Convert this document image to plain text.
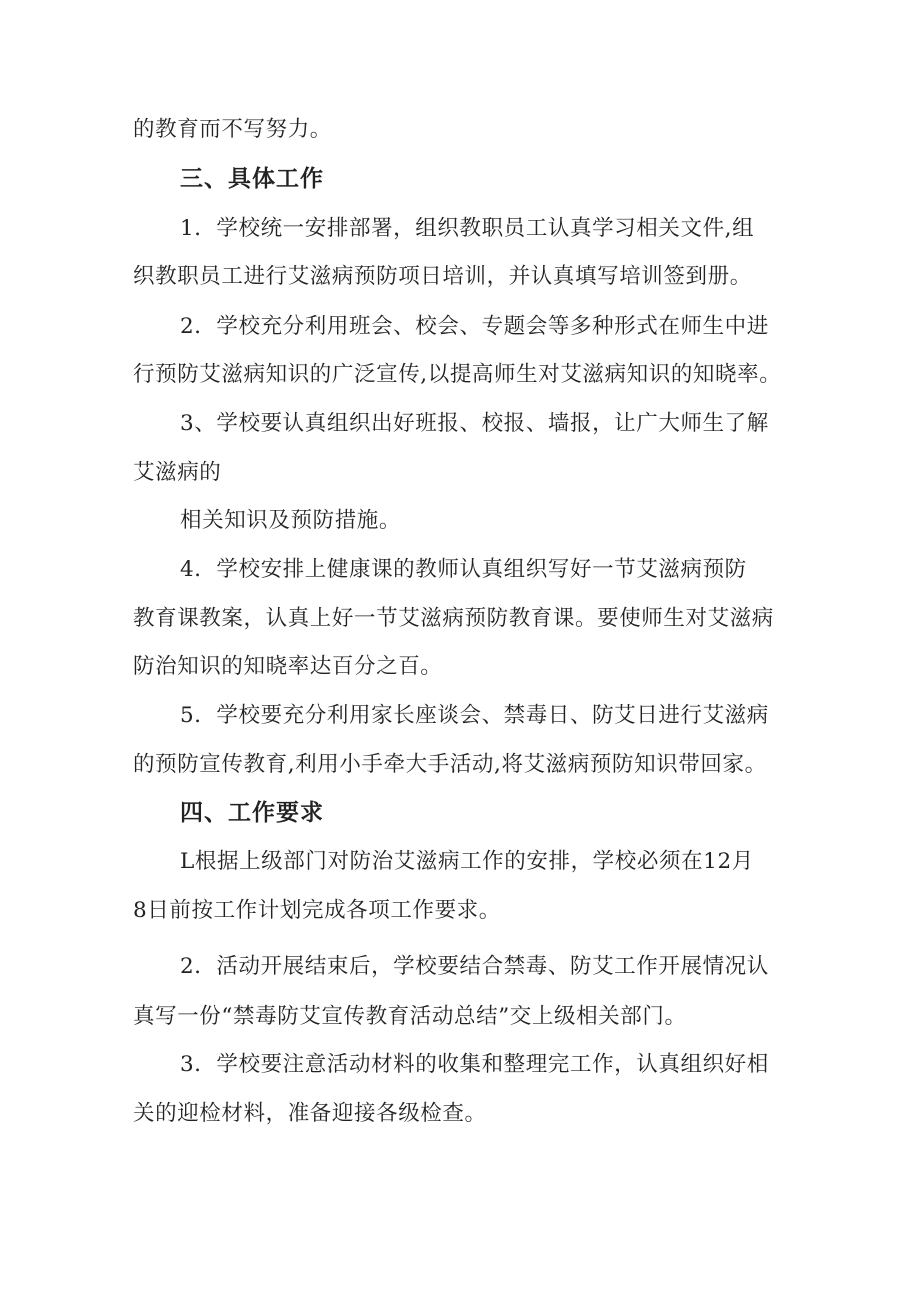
的教育而不写努力。

三、具体工作

1．学校统一安排部署，组织教职员工认真学习相关文件,组

织教职员工进行艾滋病预防项日培训，并认真填写培训签到册。

2．学校充分利用班会、校会、专题会等多种形式在师生中进

行预防艾滋病知识的广泛宣传,以提高师生对艾滋病知识的知晓率。

3、学校要认真组织出好班报、校报、墙报，让广大师生了解

艾滋病的

相关知识及预防措施。

4．学校安排上健康课的教师认真组织写好一节艾滋病预防

教育课教案，认真上好一节艾滋病预防教育课。要使师生对艾滋病

防治知识的知晓率达百分之百。

5．学校要充分利用家长座谈会、禁毒日、防艾日进行艾滋病

的预防宣传教育,利用小手牵大手活动,将艾滋病预防知识带回家。

四、工作要求

L根据上级部门对防治艾滋病工作的安排，学校必须在12月

8日前按工作计划完成各项工作要求。

2．活动开展结束后，学校要结合禁毒、防艾工作开展情况认

真写一份“禁毒防艾宣传教育活动总结”交上级相关部门。

3．学校要注意活动材料的收集和整理完工作，认真组织好相

关的迎检材料，准备迎接各级检查。
